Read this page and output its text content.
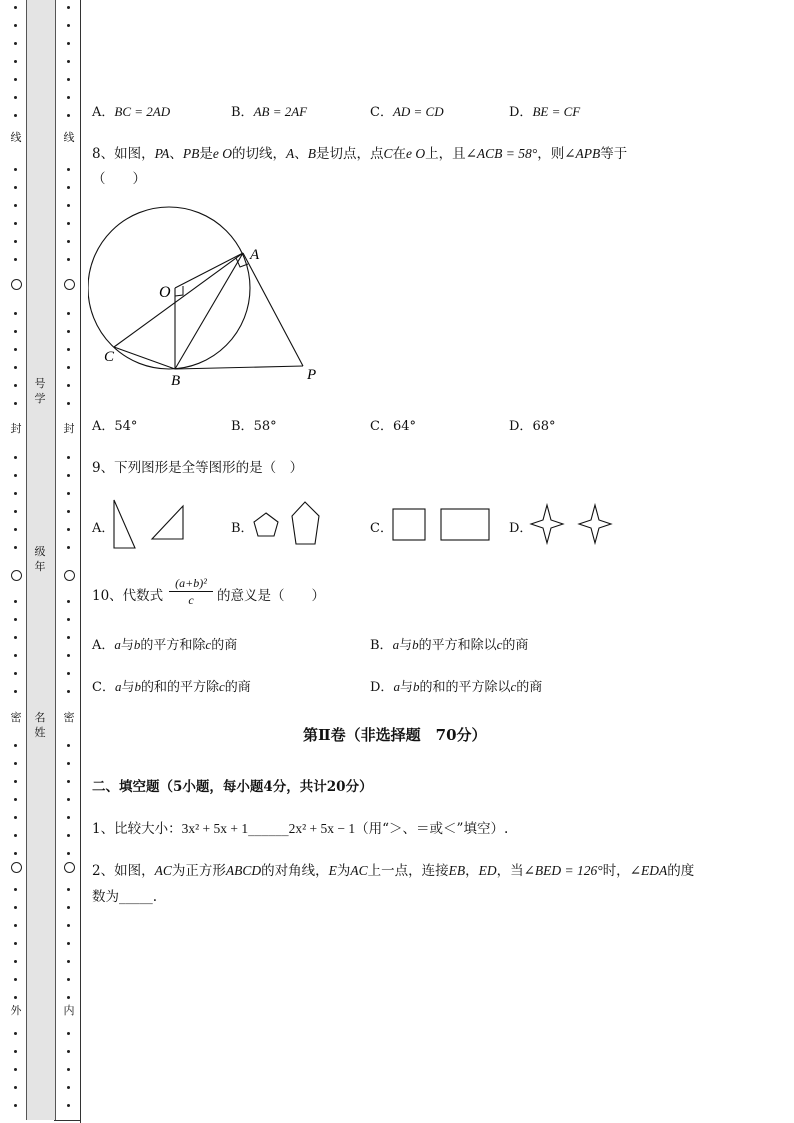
线
封
密
外
线
封
密
内
号
学
级
年
名
姓
A．BC = 2AD	B．AB = 2AF	C．AD = CD	D．BE = CF
8、如图，PA、PB是e O的切线，A、B是切点，点C在e O上，且∠ACB = 58°，则∠APB等于
（　　）
O
A
B
C
P
A．54°	B．58°	C．64°	D．68°
9、下列图形是全等图形的是（　）
A．	B．	C．	D．
10、代数式
(a+b)²
c	的意义是（　　）
A．a与b的平方和除c的商	B．a与b的平方和除以c的商
C．a与b的和的平方除c的商	D．a与b的和的平方除以c的商
第Ⅱ卷（非选择题　70分）
二、填空题（5小题，每小题4分，共计20分）
1、比较大小：3x² + 5x + 1______2x² + 5x − 1（用“＞、＝或＜”填空）.
2、如图，AC为正方形ABCD的对角线，E为AC上一点，连接EB，ED，当∠BED = 126°时，∠EDA的度
数为_____.
